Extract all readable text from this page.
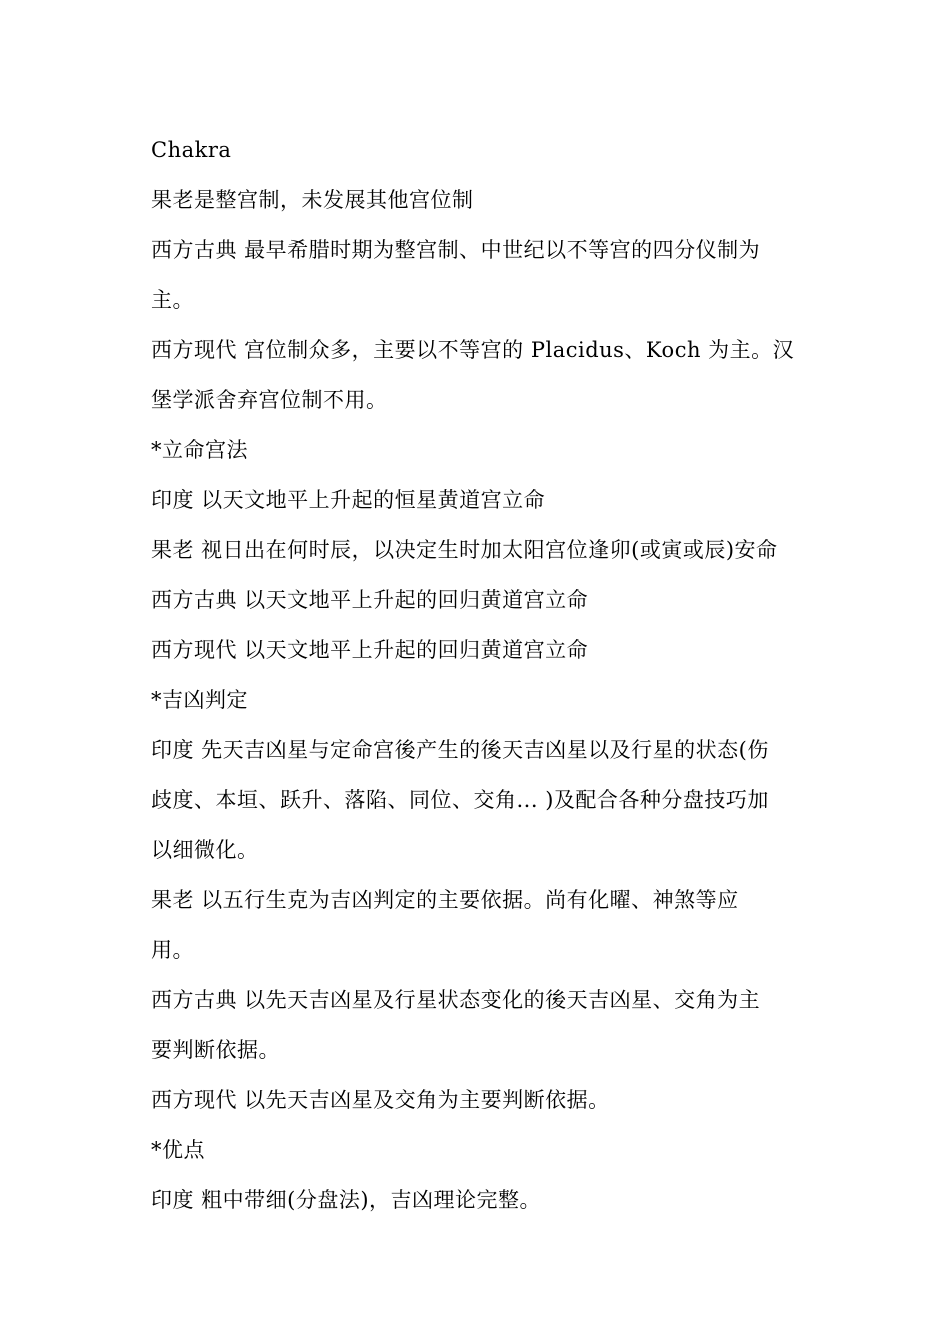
Chakra
果老是整宫制，未发展其他宫位制
西方古典 最早希腊时期为整宫制、中世纪以不等宫的四分仪制为
主。
西方现代 宫位制众多，主要以不等宫的 Placidus、Koch 为主。汉
堡学派舍弃宫位制不用。
*立命宫法
印度 以天文地平上升起的恒星黄道宫立命
果老 视日出在何时辰，以决定生时加太阳宫位逢卯(或寅或辰)安命
西方古典 以天文地平上升起的回归黄道宫立命
西方现代 以天文地平上升起的回归黄道宫立命
*吉凶判定
印度 先天吉凶星与定命宫後产生的後天吉凶星以及行星的状态(伤
歧度、本垣、跃升、落陷、同位、交角... )及配合各种分盘技巧加
以细微化。
果老 以五行生克为吉凶判定的主要依据。尚有化曜、神煞等应
用。
西方古典 以先天吉凶星及行星状态变化的後天吉凶星、交角为主
要判断依据。
西方现代 以先天吉凶星及交角为主要判断依据。
*优点
印度 粗中带细(分盘法)，吉凶理论完整。
